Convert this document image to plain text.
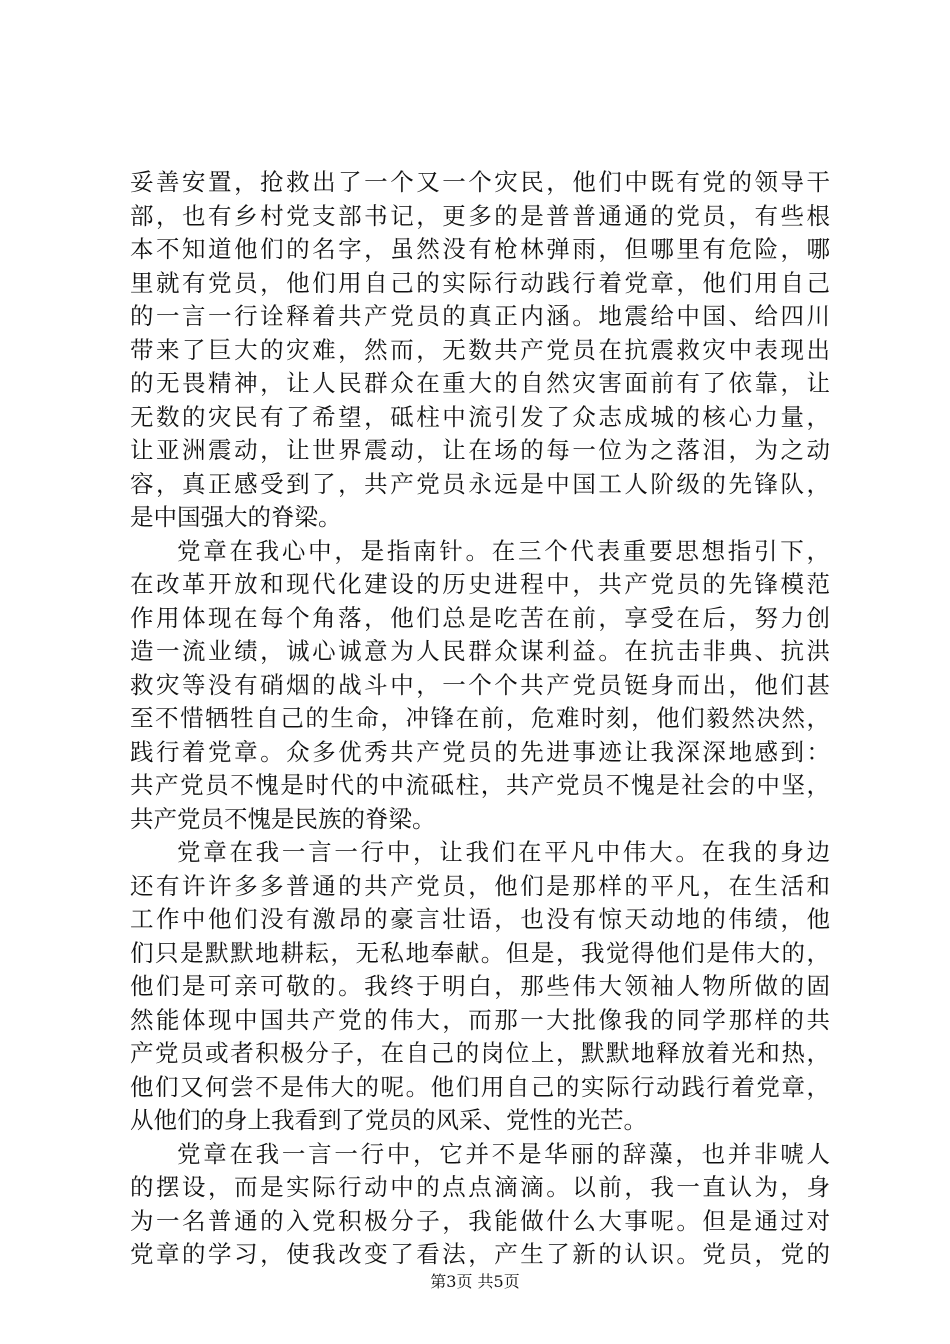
妥善安置，抢救出了一个又一个灾民，他们中既有党的领导干
部，也有乡村党支部书记，更多的是普普通通的党员，有些根
本不知道他们的名字，虽然没有枪林弹雨，但哪里有危险，哪
里就有党员，他们用自己的实际行动践行着党章，他们用自己
的一言一行诠释着共产党员的真正内涵。地震给中国、给四川
带来了巨大的灾难，然而，无数共产党员在抗震救灾中表现出
的无畏精神，让人民群众在重大的自然灾害面前有了依靠，让
无数的灾民有了希望，砥柱中流引发了众志成城的核心力量，
让亚洲震动，让世界震动，让在场的每一位为之落泪，为之动
容，真正感受到了，共产党员永远是中国工人阶级的先锋队，
是中国强大的脊梁。
党章在我心中，是指南针。在三个代表重要思想指引下，
在改革开放和现代化建设的历史进程中，共产党员的先锋模范
作用体现在每个角落，他们总是吃苦在前，享受在后，努力创
造一流业绩，诚心诚意为人民群众谋利益。在抗击非典、抗洪
救灾等没有硝烟的战斗中，一个个共产党员铤身而出，他们甚
至不惜牺牲自己的生命，冲锋在前，危难时刻，他们毅然决然，
践行着党章。众多优秀共产党员的先进事迹让我深深地感到：
共产党员不愧是时代的中流砥柱，共产党员不愧是社会的中坚，
共产党员不愧是民族的脊梁。
党章在我一言一行中，让我们在平凡中伟大。在我的身边
还有许许多多普通的共产党员，他们是那样的平凡，在生活和
工作中他们没有激昂的豪言壮语，也没有惊天动地的伟绩，他
们只是默默地耕耘，无私地奉献。但是，我觉得他们是伟大的，
他们是可亲可敬的。我终于明白，那些伟大领袖人物所做的固
然能体现中国共产党的伟大，而那一大批像我的同学那样的共
产党员或者积极分子，在自己的岗位上，默默地释放着光和热，
他们又何尝不是伟大的呢。他们用自己的实际行动践行着党章，
从他们的身上我看到了党员的风采、党性的光芒。
党章在我一言一行中，它并不是华丽的辞藻，也并非唬人
的摆设，而是实际行动中的点点滴滴。以前，我一直认为，身
为一名普通的入党积极分子，我能做什么大事呢。但是通过对
党章的学习，使我改变了看法，产生了新的认识。党员，党的
第3页 共5页
